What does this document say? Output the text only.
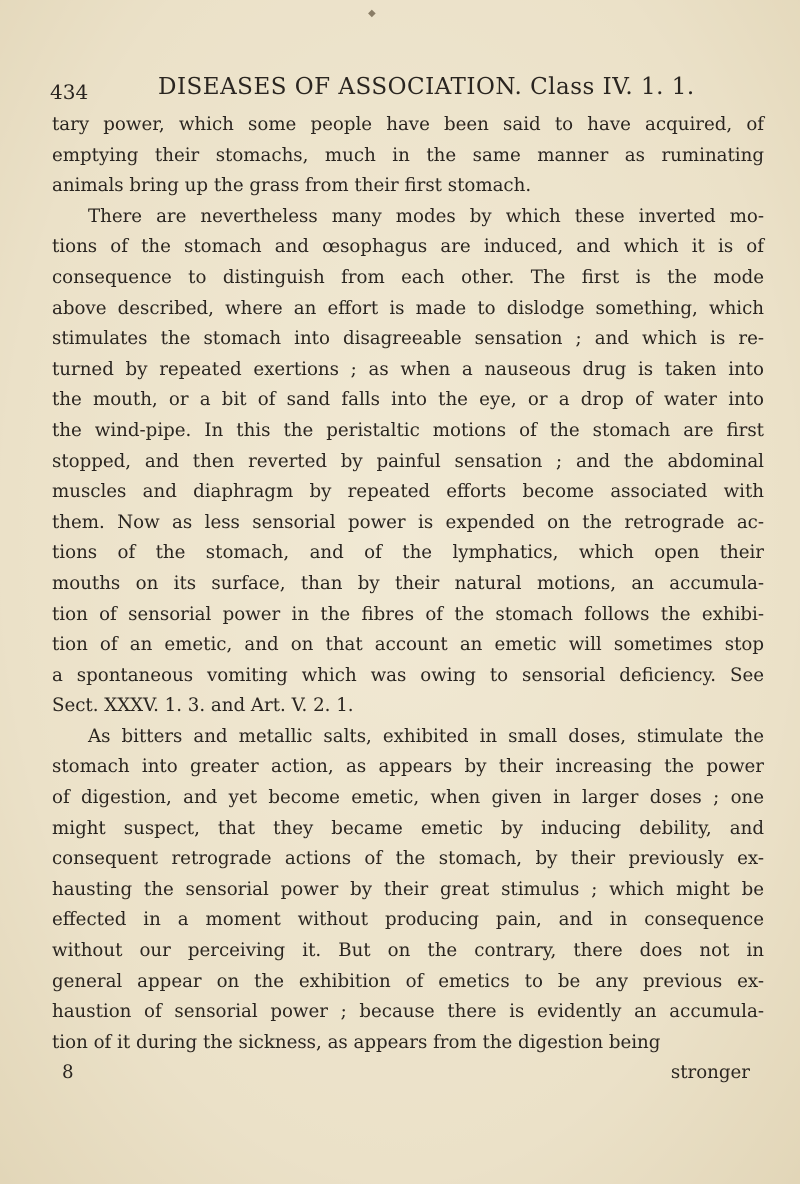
◆
434	DISEASES OF ASSOCIATION. Class IV. 1. 1.
tary power, which some people have been said to have acquired, of
emptying their stomachs, much in the same manner as ruminating
animals bring up the grass from their first stomach.
There are nevertheless many modes by which these inverted mo-
tions of the stomach and œsophagus are induced, and which it is of
consequence to distinguish from each other. The first is the mode
above described, where an effort is made to dislodge something, which
stimulates the stomach into disagreeable sensation ; and which is re-
turned by repeated exertions ; as when a nauseous drug is taken into
the mouth, or a bit of sand falls into the eye, or a drop of water into
the wind-pipe. In this the peristaltic motions of the stomach are first
stopped, and then reverted by painful sensation ; and the abdominal
muscles and diaphragm by repeated efforts become associated with
them. Now as less sensorial power is expended on the retrograde ac-
tions of the stomach, and of the lymphatics, which open their
mouths on its surface, than by their natural motions, an accumula-
tion of sensorial power in the fibres of the stomach follows the exhibi-
tion of an emetic, and on that account an emetic will sometimes stop
a spontaneous vomiting which was owing to sensorial deficiency. See
Sect. XXXV. 1. 3. and Art. V. 2. 1.
As bitters and metallic salts, exhibited in small doses, stimulate the
stomach into greater action, as appears by their increasing the power
of digestion, and yet become emetic, when given in larger doses ; one
might suspect, that they became emetic by inducing debility, and
consequent retrograde actions of the stomach, by their previously ex-
hausting the sensorial power by their great stimulus ; which might be
effected in a moment without producing pain, and in consequence
without our perceiving it. But on the contrary, there does not in
general appear on the exhibition of emetics to be any previous ex-
haustion of sensorial power ; because there is evidently an accumula-
tion of it during the sickness, as appears from the digestion being
8	stronger
